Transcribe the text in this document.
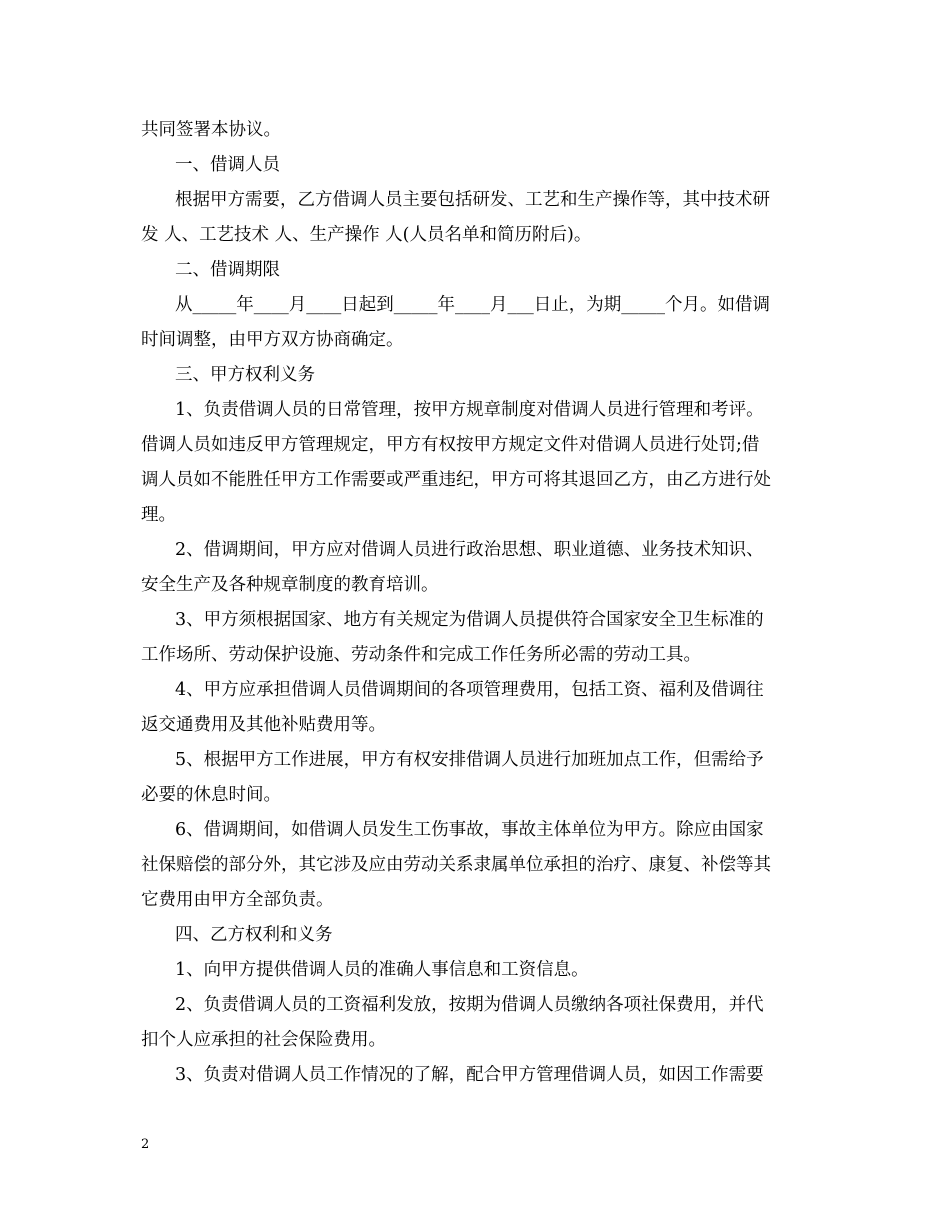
共同签署本协议。
一、借调人员
根据甲方需要，乙方借调人员主要包括研发、工艺和生产操作等，其中技术研
发 人、工艺技术 人、生产操作 人(人员名单和简历附后)。
二、借调期限
从_____年____月____日起到_____年____月___日止，为期_____个月。如借调
时间调整，由甲方双方协商确定。
三、甲方权利义务
1、负责借调人员的日常管理，按甲方规章制度对借调人员进行管理和考评。
借调人员如违反甲方管理规定，甲方有权按甲方规定文件对借调人员进行处罚;借
调人员如不能胜任甲方工作需要或严重违纪，甲方可将其退回乙方，由乙方进行处
理。
2、借调期间，甲方应对借调人员进行政治思想、职业道德、业务技术知识、
安全生产及各种规章制度的教育培训。
3、甲方须根据国家、地方有关规定为借调人员提供符合国家安全卫生标准的
工作场所、劳动保护设施、劳动条件和完成工作任务所必需的劳动工具。
4、甲方应承担借调人员借调期间的各项管理费用，包括工资、福利及借调往
返交通费用及其他补贴费用等。
5、根据甲方工作进展，甲方有权安排借调人员进行加班加点工作，但需给予
必要的休息时间。
6、借调期间，如借调人员发生工伤事故，事故主体单位为甲方。除应由国家
社保赔偿的部分外，其它涉及应由劳动关系隶属单位承担的治疗、康复、补偿等其
它费用由甲方全部负责。
四、乙方权利和义务
1、向甲方提供借调人员的准确人事信息和工资信息。
2、负责借调人员的工资福利发放，按期为借调人员缴纳各项社保费用，并代
扣个人应承担的社会保险费用。
3、负责对借调人员工作情况的了解，配合甲方管理借调人员，如因工作需要
2
